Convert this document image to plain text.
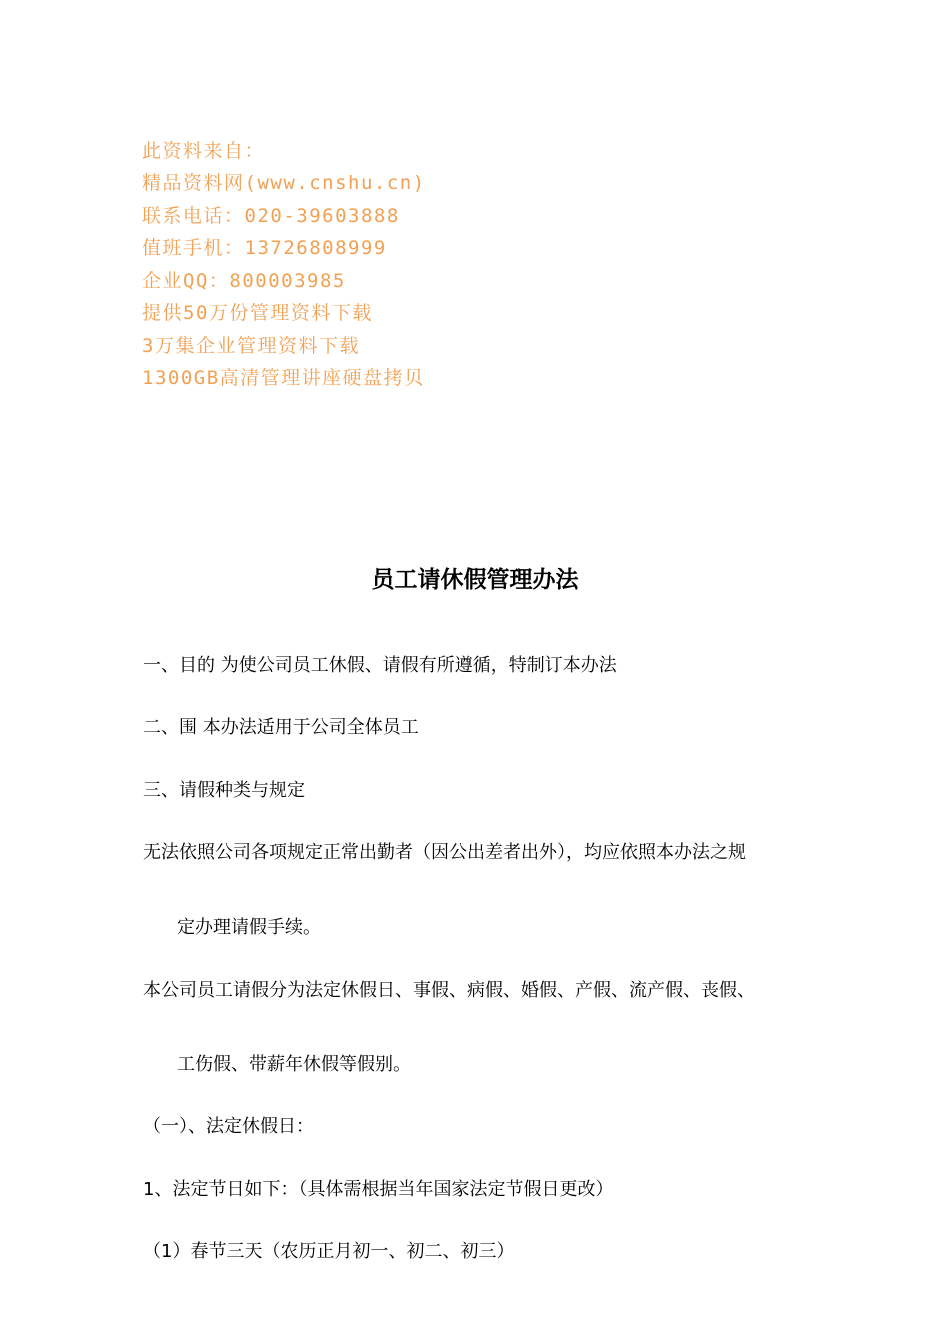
此资料来自：
精品资料网(www.cnshu.cn)
联系电话：020-39603888
值班手机：13726808999
企业QQ：800003985
提供50万份管理资料下载
3万集企业管理资料下载
1300GB高清管理讲座硬盘拷贝
员工请休假管理办法
一、目的 为使公司员工休假、请假有所遵循，特制订本办法
二、围 本办法适用于公司全体员工
三、请假种类与规定
无法依照公司各项规定正常出勤者（因公出差者出外），均应依照本办法之规
定办理请假手续。
本公司员工请假分为法定休假日、事假、病假、婚假、产假、流产假、丧假、
工伤假、带薪年休假等假别。
（一）、法定休假日：
1、法定节日如下：（具体需根据当年国家法定节假日更改）
（1）春节三天（农历正月初一、初二、初三）
